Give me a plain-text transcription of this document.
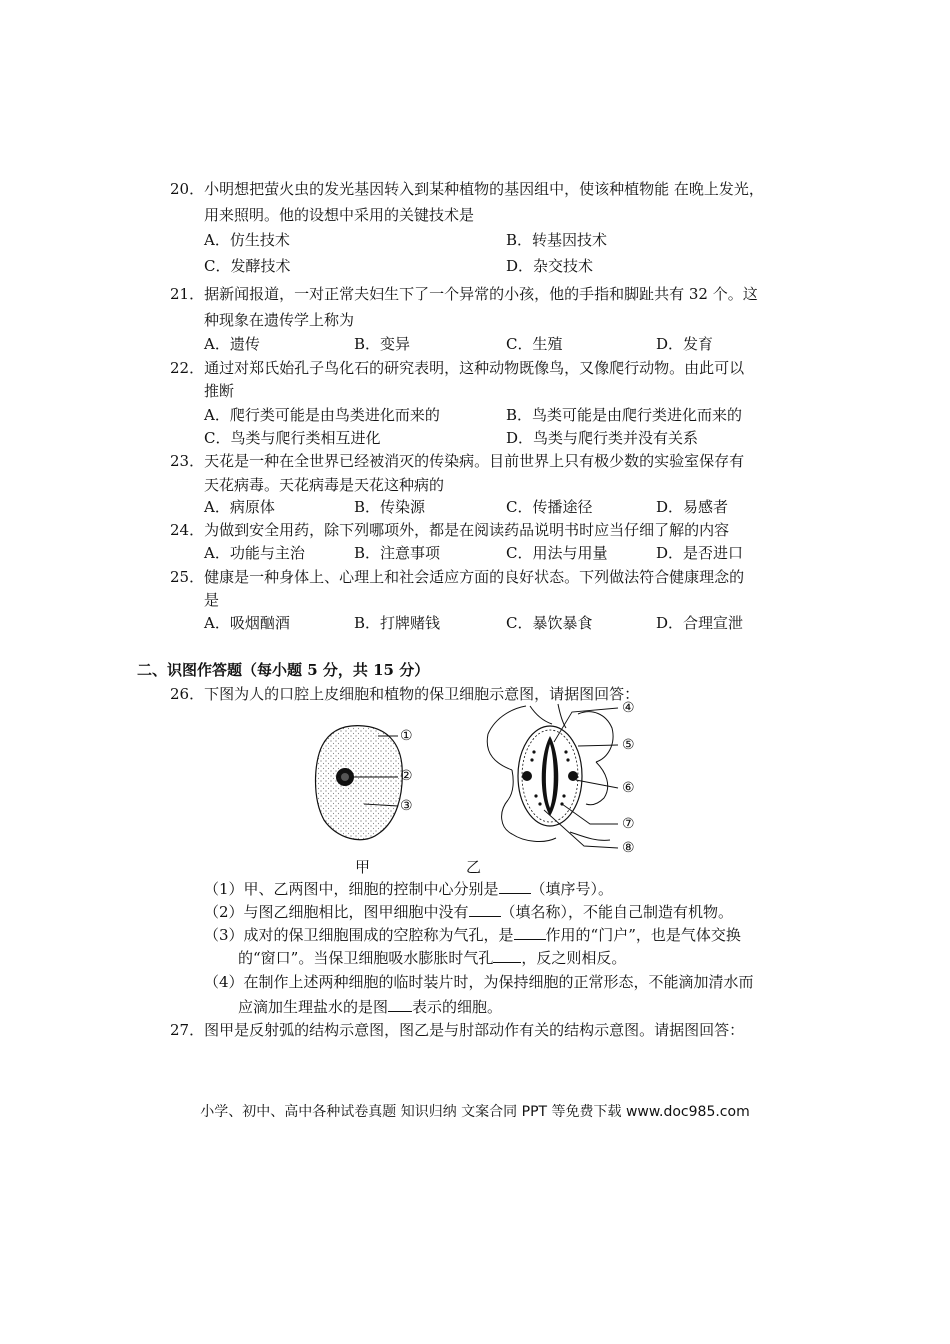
20．小明想把萤火虫的发光基因转入到某种植物的基因组中，使该种植物能 在晚上发光，
用来照明。他的设想中采用的关键技术是
A．仿生技术	B．转基因技术
C．发酵技术	D．杂交技术
21．据新闻报道，一对正常夫妇生下了一个异常的小孩，他的手指和脚趾共有 32 个。这
种现象在遗传学上称为
A．遗传	B．变异	C．生殖	D．发育
22．通过对郑氏始孔子鸟化石的研究表明，这种动物既像鸟，又像爬行动物。由此可以
推断
A．爬行类可能是由鸟类进化而来的	B．鸟类可能是由爬行类进化而来的
C．鸟类与爬行类相互进化	D．鸟类与爬行类并没有关系
23．天花是一种在全世界已经被消灭的传染病。目前世界上只有极少数的实验室保存有
天花病毒。天花病毒是天花这种病的
A．病原体	B．传染源	C．传播途径	D．易感者
24．为做到安全用药，除下列哪项外，都是在阅读药品说明书时应当仔细了解的内容
A．功能与主治	B．注意事项	C．用法与用量	D．是否进口
25．健康是一种身体上、心理上和社会适应方面的良好状态。下列做法符合健康理念的
是
A．吸烟酗酒	B．打牌赌钱	C．暴饮暴食	D．合理宣泄
二、识图作答题（每小题 5 分，共 15 分）
26．下图为人的口腔上皮细胞和植物的保卫细胞示意图，请据图回答：
①
②
③
④
⑤
⑥
⑦
⑧
甲	乙
（1）甲、乙两图中，细胞的控制中心分别是 （填序号）。
（2）与图乙细胞相比，图甲细胞中没有 （填名称），不能自己制造有机物。
（3）成对的保卫细胞围成的空腔称为气孔，是 作用的“门户”，也是气体交换
的“窗口”。当保卫细胞吸水膨胀时气孔 ，反之则相反。
（4）在制作上述两种细胞的临时装片时，为保持细胞的正常形态，不能滴加清水而
应滴加生理盐水的是图 表示的细胞。
27．图甲是反射弧的结构示意图，图乙是与肘部动作有关的结构示意图。请据图回答：
小学、初中、高中各种试卷真题 知识归纳 文案合同 PPT 等免费下载 www.doc985.com
